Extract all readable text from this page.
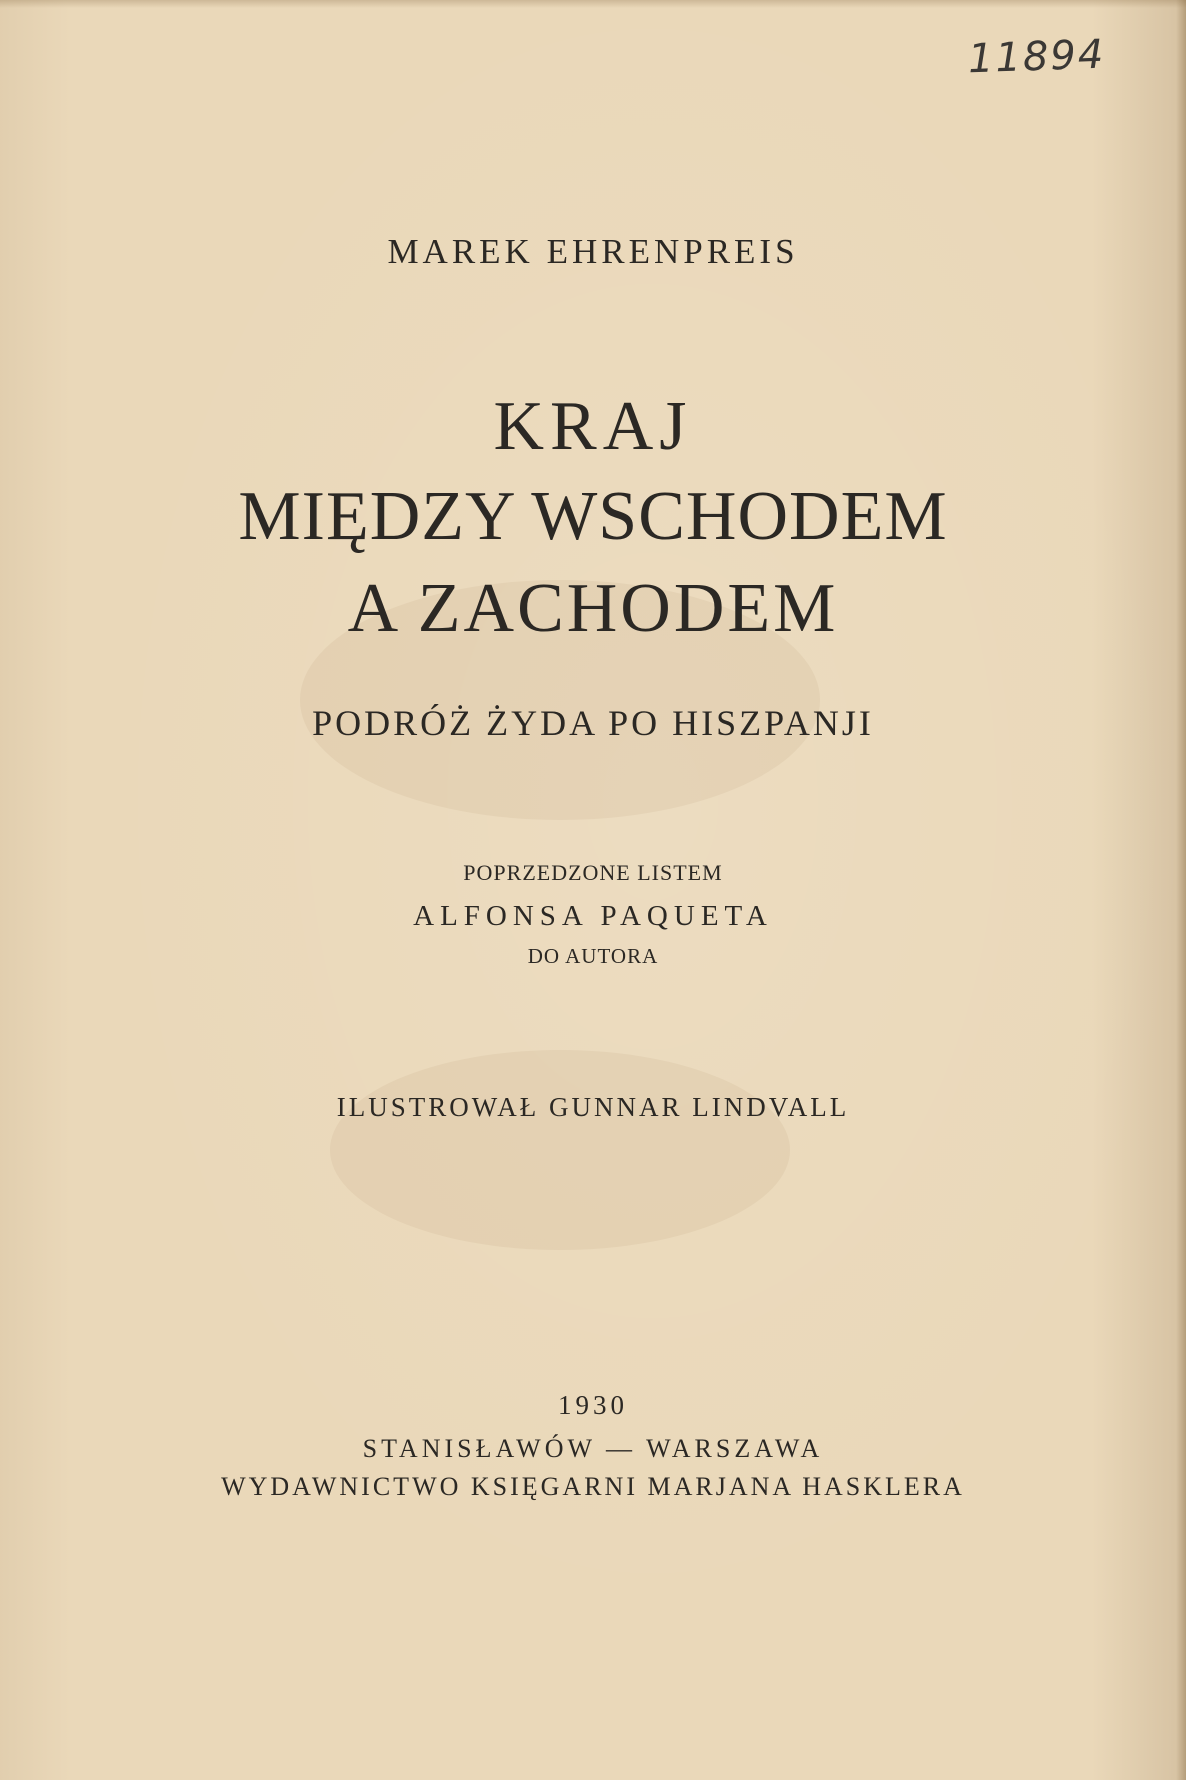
11894
MAREK EHRENPREIS
KRAJ
MIĘDZY WSCHODEM
A ZACHODEM
PODRÓŻ ŻYDA PO HISZPANJI
POPRZEDZONE LISTEM
ALFONSA PAQUETA
DO AUTORA
ILUSTROWAŁ GUNNAR LINDVALL
1930
STANISŁAWÓW — WARSZAWA
WYDAWNICTWO KSIĘGARNI MARJANA HASKLERA
